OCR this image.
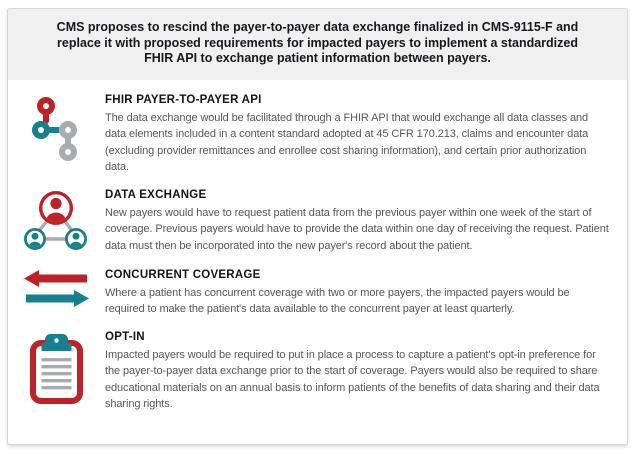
CMS proposes to rescind the payer-to-payer data exchange finalized in CMS-9115-F and replace it with proposed requirements for impacted payers to implement a standardized FHIR API to exchange patient information between payers.
FHIR PAYER-TO-PAYER API

The data exchange would be facilitated through a FHIR API that would exchange all data classes and data elements included in a content standard adopted at 45 CFR 170.213, claims and encounter data (excluding provider remittances and enrollee cost sharing information), and certain prior authorization data.

DATA EXCHANGE

New payers would have to request patient data from the previous payer within one week of the start of coverage. Previous payers would have to provide the data within one day of receiving the request. Patient data must then be incorporated into the new payer's record about the patient.

CONCURRENT COVERAGE

Where a patient has concurrent coverage with two or more payers, the impacted payers would be required to make the patient's data available to the concurrent payer at least quarterly.

OPT-IN

Impacted payers would be required to put in place a process to capture a patient's opt-in preference for the payer-to-payer data exchange prior to the start of coverage. Payers would also be required to share educational materials on an annual basis to inform patients of the benefits of data sharing and their data sharing rights.
